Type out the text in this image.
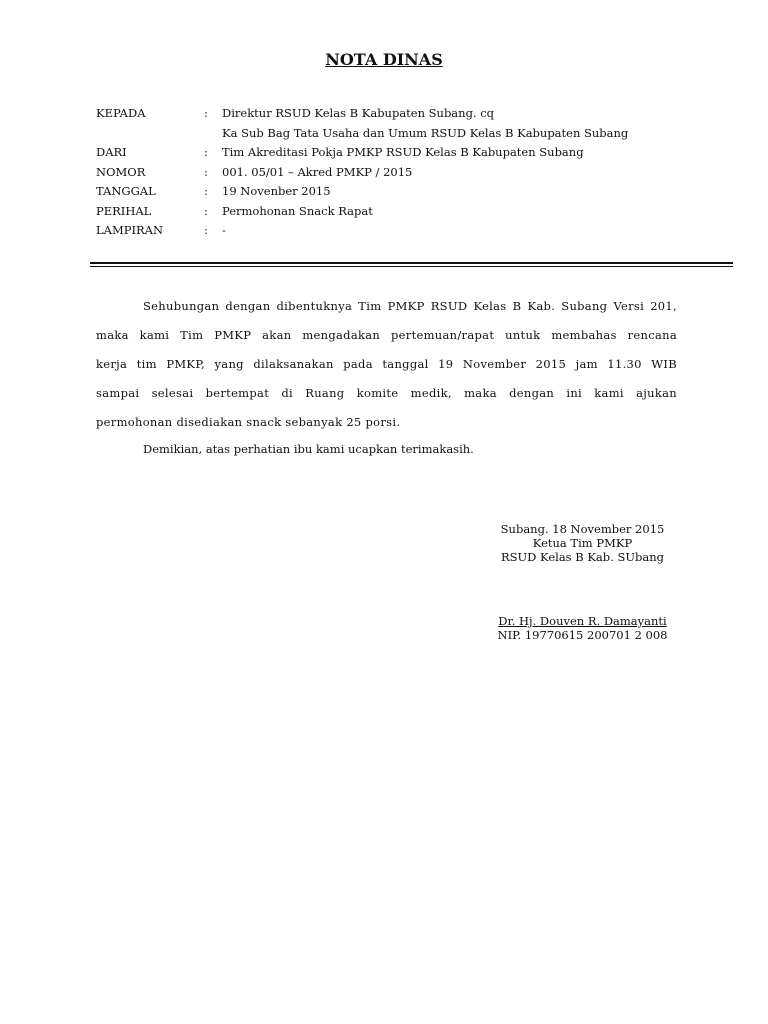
NOTA DINAS
KEPADA	: Direktur RSUD Kelas B Kabupaten Subang. cq
Ka Sub Bag Tata Usaha dan Umum RSUD Kelas B Kabupaten Subang
DARI	: Tim Akreditasi Pokja PMKP RSUD Kelas B Kabupaten Subang
NOMOR	: 001. 05/01 – Akred PMKP / 2015
TANGGAL	: 19 Novenber 2015
PERIHAL	: Permohonan Snack Rapat
LAMPIRAN	: -
Sehubungan dengan dibentuknya Tim PMKP RSUD Kelas B Kab. Subang Versi 201,
maka kami Tim PMKP akan mengadakan pertemuan/rapat untuk membahas rencana
kerja tim PMKP, yang dilaksanakan pada tanggal 19 November 2015 jam 11.30 WIB
sampai selesai bertempat di Ruang komite medik, maka dengan ini kami ajukan
permohonan disediakan snack sebanyak 25 porsi.
Demikian, atas perhatian ibu kami ucapkan terimakasih.
Subang. 18 November 2015
Ketua Tim PMKP
RSUD Kelas B Kab. SUbang
Dr. Hj. Douven R. Damayanti
NIP. 19770615 200701 2 008
